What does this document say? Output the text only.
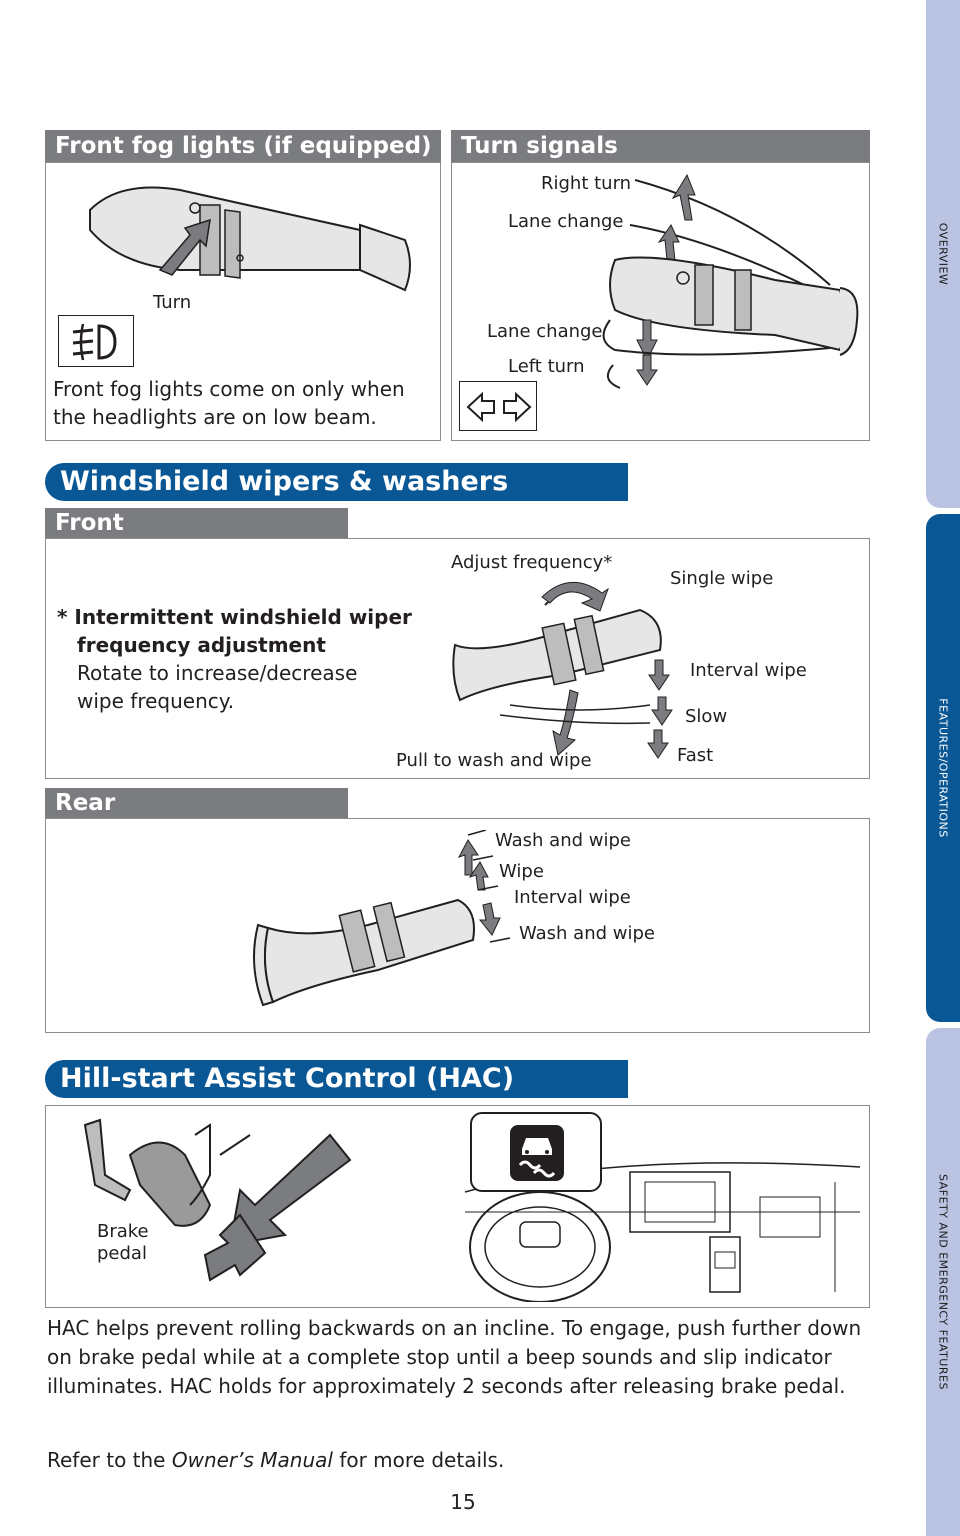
OVERVIEW
FEATURES/OPERATIONS
SAFETY AND EMERGENCY FEATURES
Front fog lights (if equipped)
Turn
Front fog lights come on only when the headlights are on low beam.
Turn signals
Right turn
Lane change
Lane change
Left turn
Windshield wipers & washers
Front
* Intermittent windshield wiper frequency adjustment
Rotate to increase/decrease wipe frequency.
Adjust frequency*
Single wipe
Interval wipe
Slow
Fast
Pull to wash and wipe
Rear
Wash and wipe
Wipe
Interval wipe
Wash and wipe
Hill-start Assist Control (HAC)
Brake pedal
HAC helps prevent rolling backwards on an incline. To engage, push further down on brake pedal while at a complete stop until a beep sounds and slip indicator illuminates. HAC holds for approximately 2 seconds after releasing brake pedal.
Refer to the Owner’s Manual for more details.
15
